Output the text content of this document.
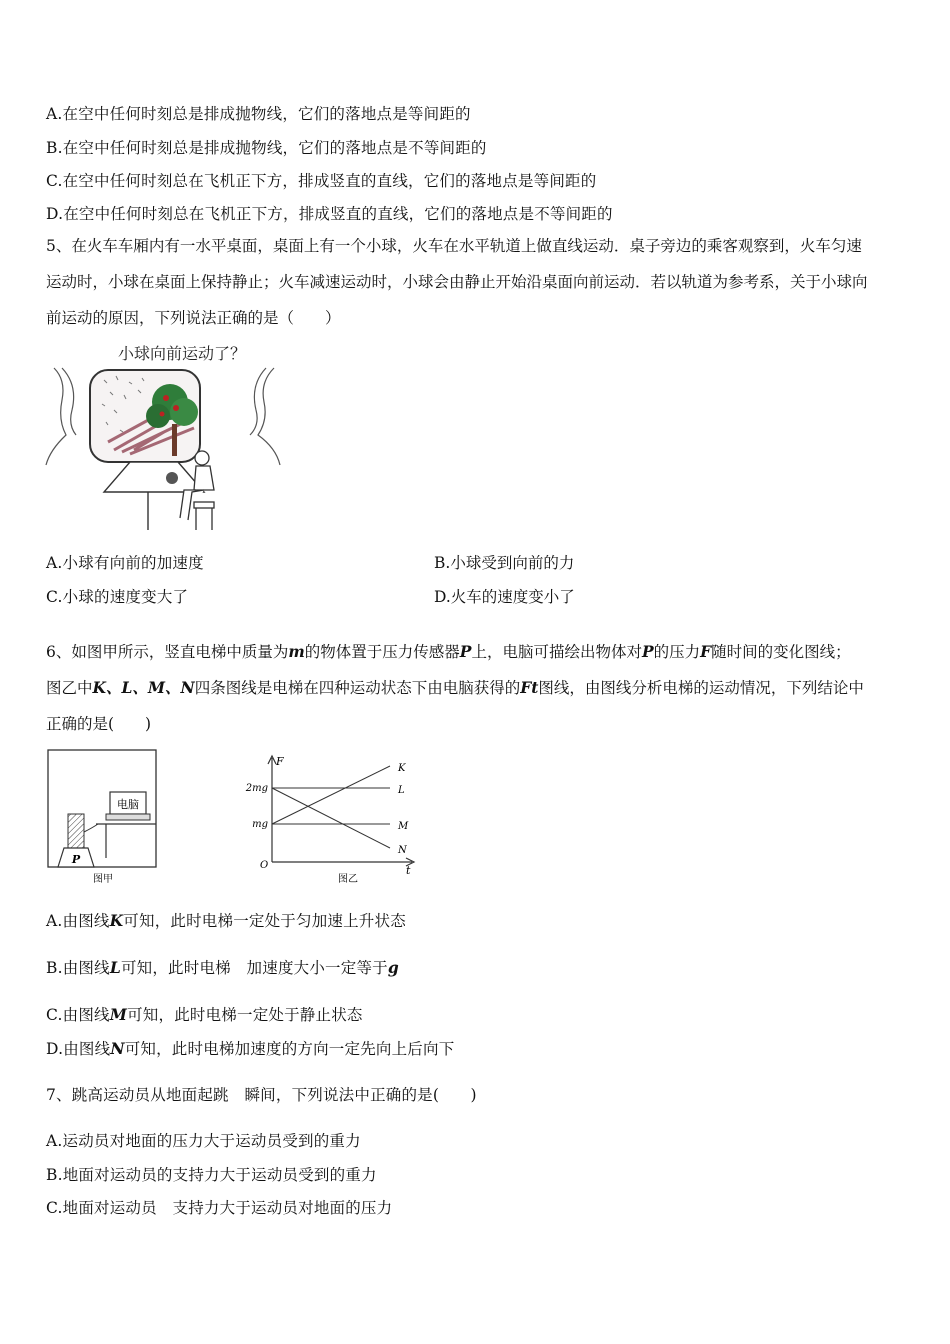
A.在空中任何时刻总是排成抛物线，它们的落地点是等间距的
B.在空中任何时刻总是排成抛物线，它们的落地点是不等间距的
C.在空中任何时刻总在飞机正下方，排成竖直的直线，它们的落地点是等间距的
D.在空中任何时刻总在飞机正下方，排成竖直的直线，它们的落地点是不等间距的

5、在火车车厢内有一水平桌面，桌面上有一个小球，火车在水平轨道上做直线运动．桌子旁边的乘客观察到，火车匀速

运动时，小球在桌面上保持静止；火车减速运动时，小球会由静止开始沿桌面向前运动．若以轨道为参考系，关于小球向

前运动的原因，下列说法正确的是（　　）

小球向前运动了？
A.小球有向前的加速度	B.小球受到向前的力
C.小球的速度变大了	D.火车的速度变小了

6、如图甲所示，竖直电梯中质量为m的物体置于压力传感器P上，电脑可描绘出物体对P的压力F随时间的变化图线；

图乙中K、L、M、N四条图线是电梯在四种运动状态下由电脑获得的Ft图线，由图线分析电梯的运动情况，下列结论中

正确的是(　　)

电脑
P
图甲
F
t
O
2mg
mg
K
L
M
N
图乙
A.由图线K可知，此时电梯一定处于匀加速上升状态
B.由图线L可知，此时电梯　加速度大小一定等于g
C.由图线M可知，此时电梯一定处于静止状态
D.由图线N可知，此时电梯加速度的方向一定先向上后向下
7、跳高运动员从地面起跳　瞬间，下列说法中正确的是(　　)
A.运动员对地面的压力大于运动员受到的重力
B.地面对运动员的支持力大于运动员受到的重力
C.地面对运动员　支持力大于运动员对地面的压力
